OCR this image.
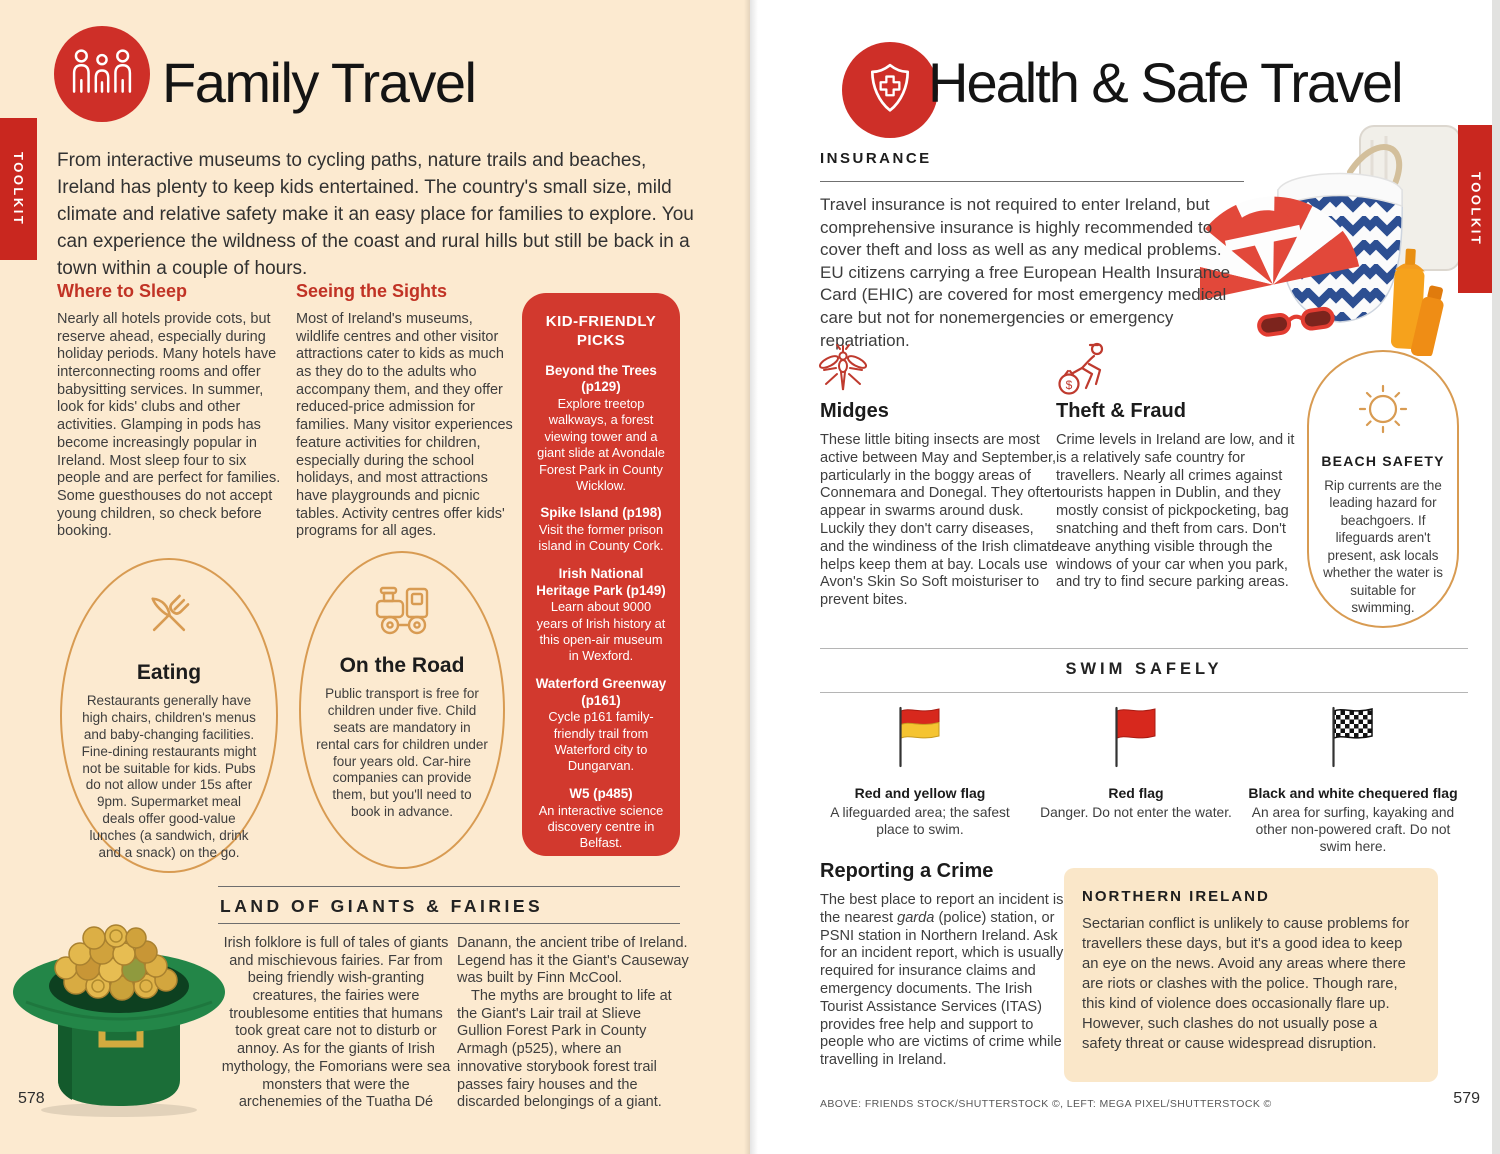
TOOLKIT
Family Travel
From interactive museums to cycling paths, nature trails and beaches, Ireland has plenty to keep kids entertained. The country's small size, mild climate and relative safety make it an easy place for families to explore. You can experience the wildness of the coast and rural hills but still be back in a town within a couple of hours.
Where to Sleep
Nearly all hotels provide cots, but reserve ahead, especially during holiday periods. Many hotels have interconnecting rooms and offer babysitting services. In summer, look for kids' clubs and other activities. Glamping in pods has become increasingly popular in Ireland. Most sleep four to six people and are perfect for families. Some guesthouses do not accept young children, so check before booking.
Seeing the Sights
Most of Ireland's museums, wildlife centres and other visitor attractions cater to kids as much as they do to the adults who accompany them, and they offer reduced-price admission for families. Many visitor experiences feature activities for children, especially during the school holidays, and most attractions have playgrounds and picnic tables. Activity centres offer kids' programs for all ages.
KID-FRIENDLY PICKS
Beyond the Trees (p129)
Explore treetop walkways, a forest viewing tower and a giant slide at Avondale Forest Park in County Wicklow.
Spike Island (p198)
Visit the former prison island in County Cork.
Irish National Heritage Park (p149)
Learn about 9000 years of Irish history at this open-air museum in Wexford.
Waterford Greenway (p161)
Cycle p161 family-friendly trail from Waterford city to Dungarvan.
W5 (p485)
An interactive science discovery centre in Belfast.
Eating
Restaurants generally have high chairs, children's menus and baby-changing facilities. Fine-dining restaurants might not be suitable for kids. Pubs do not allow under 15s after 9pm. Supermarket meal deals offer good-value lunches (a sandwich, drink and a snack) on the go.
On the Road
Public transport is free for children under five. Child seats are mandatory in rental cars for children under four years old. Car-hire companies can provide them, but you'll need to book in advance.
LAND OF GIANTS & FAIRIES
Irish folklore is full of tales of giants and mischievous fairies. Far from being friendly wish-granting creatures, the fairies were troublesome entities that humans took great care not to disturb or annoy. As for the giants of Irish mythology, the Fomorians were sea monsters that were the archenemies of the Tuatha Dé
Danann, the ancient tribe of Ireland. Legend has it the Giant's Causeway was built by Finn McCool.
The myths are brought to life at the Giant's Lair trail at Slieve Gullion Forest Park in County Armagh (p525), where an innovative storybook forest trail passes fairy houses and the discarded belongings of a giant.
578
TOOLKIT
Health & Safe Travel
INSURANCE
Travel insurance is not required to enter Ireland, but comprehensive insurance is highly recommended to cover theft and loss as well as any medical problems. EU citizens carrying a free European Health Insurance Card (EHIC) are covered for most emergency medical care but not for nonemergencies or emergency repatriation.
Midges
These little biting insects are most active between May and September, particularly in the boggy areas of Connemara and Donegal. They often appear in swarms around dusk. Luckily they don't carry diseases, and the windiness of the Irish climate helps keep them at bay. Locals use Avon's Skin So Soft moisturiser to prevent bites.
$
Theft & Fraud
Crime levels in Ireland are low, and it is a relatively safe country for travellers. Nearly all crimes against tourists happen in Dublin, and they mostly consist of pickpocketing, bag snatching and theft from cars. Don't leave anything visible through the windows of your car when you park, and try to find secure parking areas.
BEACH SAFETY
Rip currents are the leading hazard for beachgoers. If lifeguards aren't present, ask locals whether the water is suitable for swimming.
SWIM SAFELY
Red and yellow flag
A lifeguarded area; the safest place to swim.
Red flag
Danger. Do not enter the water.
Black and white chequered flag
An area for surfing, kayaking and other non-powered craft. Do not swim here.
Reporting a Crime
The best place to report an incident is the nearest garda (police) station, or PSNI station in Northern Ireland. Ask for an incident report, which is usually required for insurance claims and emergency documents. The Irish Tourist Assistance Services (ITAS) provides free help and support to people who are victims of crime while travelling in Ireland.
NORTHERN IRELAND
Sectarian conflict is unlikely to cause problems for travellers these days, but it's a good idea to keep an eye on the news. Avoid any areas where there are riots or clashes with the police. Though rare, this kind of violence does occasionally flare up. However, such clashes do not usually pose a safety threat or cause widespread disruption.
ABOVE: FRIENDS STOCK/SHUTTERSTOCK ©, LEFT: MEGA PIXEL/SHUTTERSTOCK ©	579
